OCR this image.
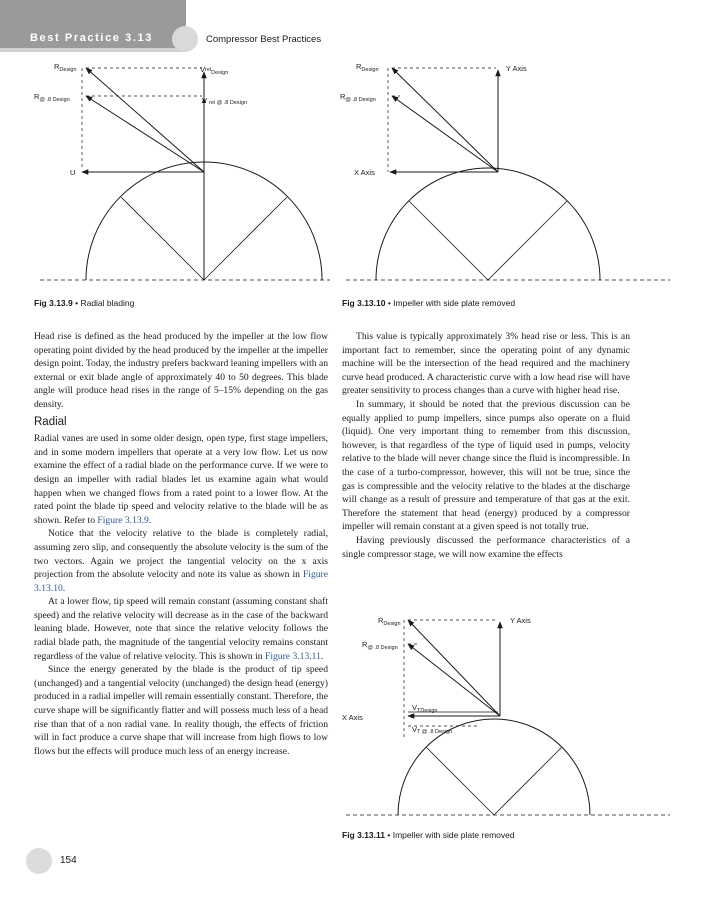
Best Practice 3.13	Compressor Best Practices
$R_{Design}$
$R_{@ .8 Design}$
Vrel$_{Design}$
V rel @ .8 Design
U
Fig 3.13.9 • Radial blading
$R_{Design}$
$R_{@ .8 Design}$
Y Axis
X Axis
Fig 3.13.10 • Impeller with side plate removed

Head rise is defined as the head produced by the impeller at the low flow operating point divided by the head produced by the impeller at the impeller design point. Today, the industry prefers backward leaning impellers with an external or exit blade angle of approximately 40 to 50 degrees. This blade angle will produce head rises in the range of 5–15% depending on the gas density.

Radial

Radial vanes are used in some older design, open type, first stage impellers, and in some modern impellers that operate at a very low flow. Let us now examine the effect of a radial blade on the performance curve. If we were to design an impeller with radial blades let us examine again what would happen when we changed flows from a rated point to a lower flow. At the rated point the blade tip speed and velocity relative to the blade will be as shown. Refer to Figure 3.13.9.

Notice that the velocity relative to the blade is completely radial, assuming zero slip, and consequently the absolute velocity is the sum of the two vectors. Again we project the tangential velocity on the x axis projection from the absolute velocity and note its value as shown in Figure 3.13.10.

At a lower flow, tip speed will remain constant (assuming constant shaft speed) and the relative velocity will decrease as in the case of the backward leaning blade. However, note that since the relative velocity follows the radial blade path, the magnitude of the tangential velocity remains constant regardless of the value of relative velocity. This is shown in Figure 3.13.11.

Since the energy generated by the blade is the product of tip speed (unchanged) and a tangential velocity (unchanged) the design head (energy) produced in a radial impeller will remain essentially constant. Therefore, the curve shape will be significantly flatter and will possess much less of a head rise than that of a non radial vane. In reality though, the effects of friction will in fact produce a curve shape that will increase from high flows to low flows but the effects will produce much less of an energy increase.

This value is typically approximately 3% head rise or less. This is an important fact to remember, since the operating point of any dynamic machine will be the intersection of the head required and the machinery curve head produced. A characteristic curve with a low head rise will have greater sensitivity to process changes than a curve with higher head rise.

In summary, it should be noted that the previous discussion can be equally applied to pump impellers, since pumps also operate on a fluid (liquid). One very important thing to remember from this discussion, however, is that regardless of the type of liquid used in pumps, velocity relative to the blade will never change since the fluid is incompressible. In the case of a turbo-compressor, however, this will not be true, since the gas is compressible and the velocity relative to the blades at the discharge will change as a result of pressure and temperature of that gas at the exit. Therefore the statement that head (energy) produced by a compressor impeller will remain constant at a given speed is not totally true.

Having previously discussed the performance characteristics of a single compressor stage, we will now examine the effects

$R_{Design}$
$R_{@ .8 Design}$
Y Axis
X Axis
$V_{TDesign}$
VT @ .8 Design
Fig 3.13.11 • Impeller with side plate removed
154
